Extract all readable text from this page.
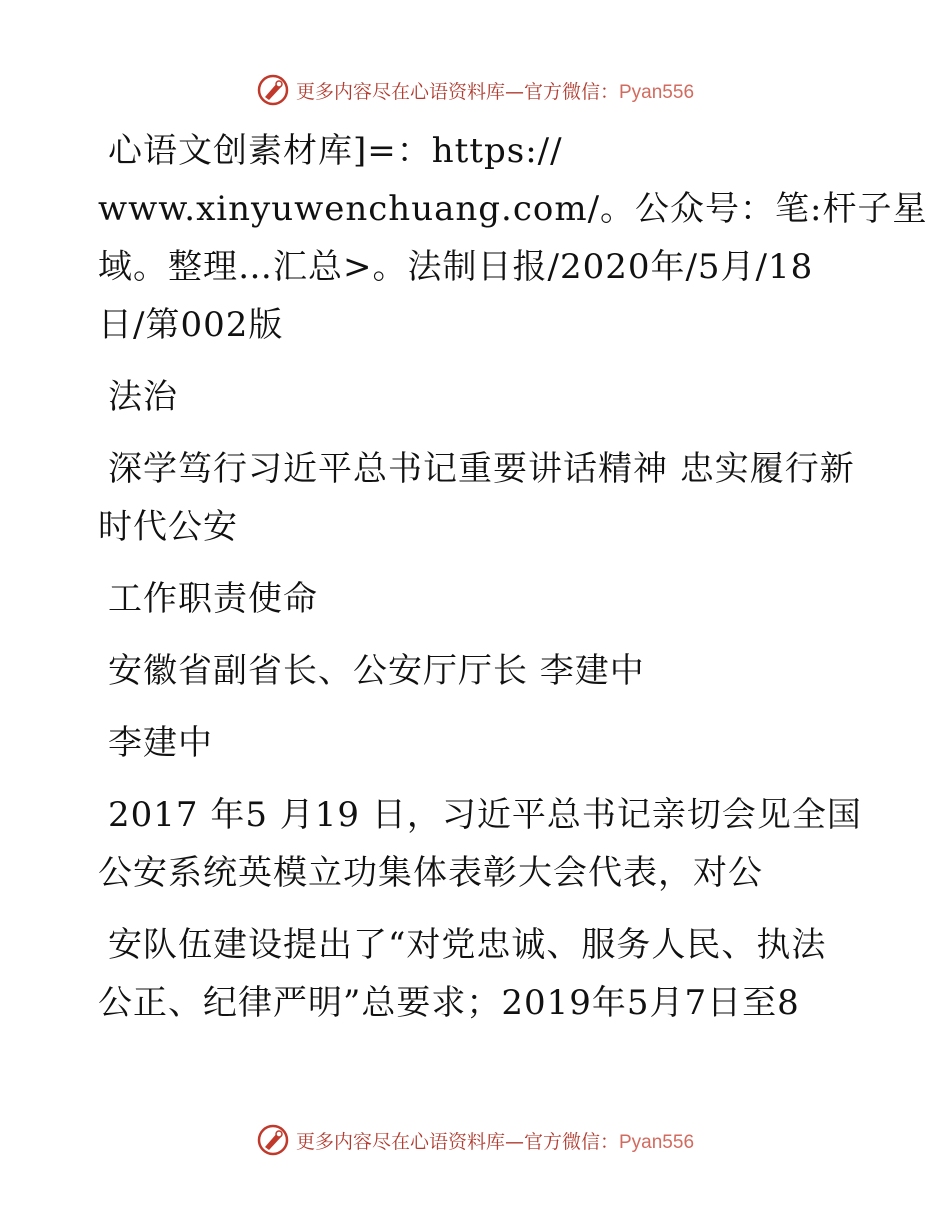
更多内容尽在心语资料库—官方微信：Pyan556
心语文创素材库]=：https://
www.xinyuwenchuang.com/。公众号：笔:杆子星
域。整理…汇总>。法制日报/2020年/5月/18
日/第002版
法治
深学笃行习近平总书记重要讲话精神 忠实履行新
时代公安
工作职责使命
安徽省副省长、公安厅厅长 李建中
李建中
2017 年5 月19 日，习近平总书记亲切会见全国
公安系统英模立功集体表彰大会代表，对公
安队伍建设提出了“对党忠诚、服务人民、执法
公正、纪律严明”总要求；2019年5月7日至8
更多内容尽在心语资料库—官方微信：Pyan556
